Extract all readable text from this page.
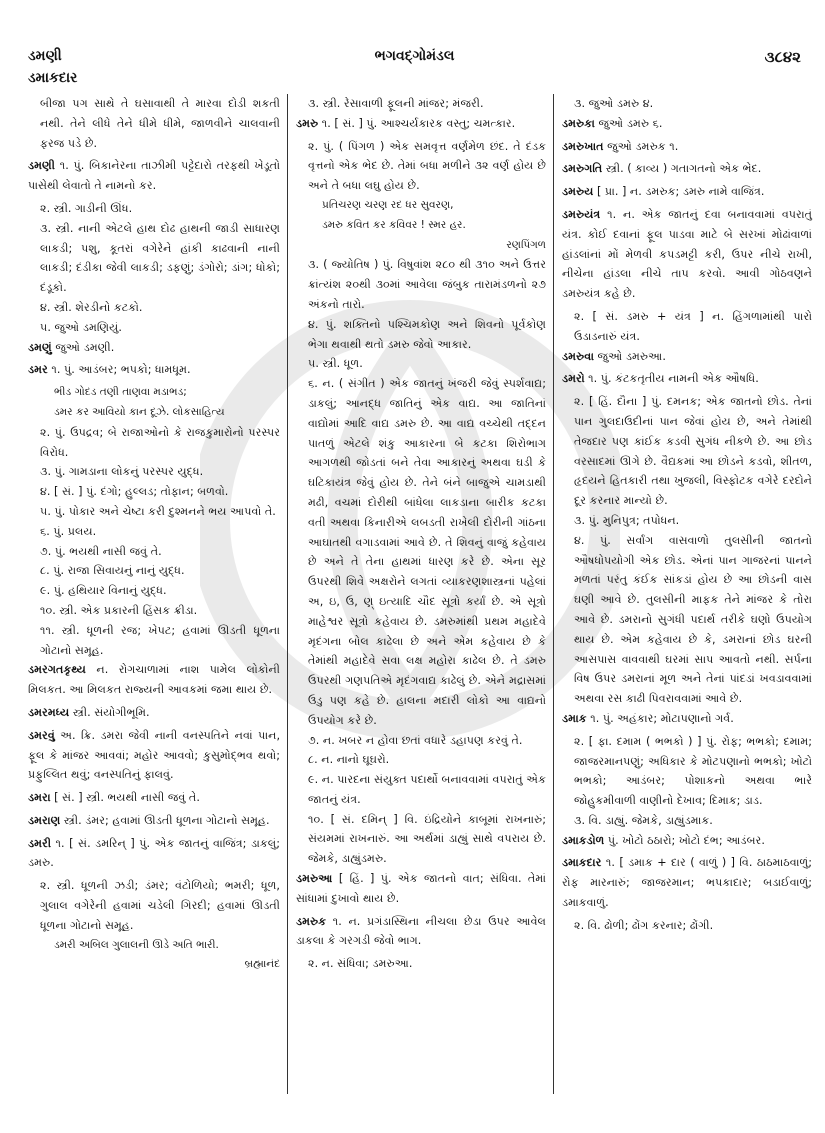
ડમણી	ભગવદ્ગોમંડલ	૩૮૪૨
ડમાકદાર

બીજા પગ સાથે તે ઘસાવાથી તે મારવા દોડી શકતી નથી. તેને લીધે તેને ધીમે ધીમે, જાળવીને ચાલવાની ફરજ પડે છે.

ડમણી ૧. પું. બિકાનેરના તાઝીમી પટ્ટેદારો તરફથી ખેડૂતો પાસેથી લેવાતો તે નામનો કર.

૨. સ્ત્રી. ગાડીની ઊંધ.

૩. સ્ત્રી. નાની એટલે હાથ દોઢ હાથની જાડી સાધારણ લાકડી; પશુ, કૂતરાં વગેરેને હાંકી કાઢવાની નાની લાકડી; દંડીકા જેવી લાકડી; ડફણું; ડંગોરો; ડાંગ; ધોકો; દંડૂકો.

૪. સ્ત્રી. શેરડીનો કટકો.

૫. જુઓ ડમણિયું.

ડમણું જુઓ ડમણી.

ડમર ૧. પું. આડંબર; ભપકો; ધામધૂમ.

ભીડ ગોદડ તણી તાણવા મડાભડ;

ડમર કર આવિયો કાન દૂઝે. લોકસાહિત્ય

૨. પું. ઉપદ્રવ; બે રાજાઓનો કે રાજકુમારોનો પરસ્પર વિરોધ.

૩. પું. ગામડાના લોકનું પરસ્પર યુદ્ધ.

૪. [ સં. ] પું. દંગો; હુલ્લડ; તોફાન; બળવો.

૫. પું. પોકાર અને ચેષ્ટા કરી દુશ્મનને ભય આપવો તે.

૬. પું. પ્રલય.

૭. પું. ભયથી નાસી જવું તે.

૮. પું. રાજા સિવાયનું નાનું યુદ્ધ.

૯. પું. હથિયાર વિનાનું યુદ્ધ.

૧૦. સ્ત્રી. એક પ્રકારની હિંસક ક્રીડા.

૧૧. સ્ત્રી. ધૂળની રજ; ખેપટ; હવામાં ઊડતી ધૂળના ગોટાનો સમૂહ.

ડમરગતકૃથ્ય ન. રોગચાળામાં નાશ પામેલ લોકોની મિલકત. આ મિલકત રાજ્યની આવકમાં જમા થાય છે.

ડમરમધ્ય સ્ત્રી. સંયોગીભૂમિ.

ડમરવું અ. ક્રિ. ડમરા જેવી નાની વનસ્પતિને નવાં પાન, ફૂલ કે માંજર આવવાં; મહોર આવવો; કુસુમોદ્ભવ થવો; પ્રફુલ્લિત થવું; વનસ્પતિનું ફાલવું.

ડમરા [ સં. ] સ્ત્રી. ભયથી નાસી જવું તે.

ડમરાણ સ્ત્રી. ડંમર; હવામાં ઊડતી ધૂળના ગોટાનો સમૂહ.

ડમરી ૧. [ સં. ડમરિન્ ] પું. એક જાતનું વાજિંત્ર; ડાકલું; ડમરુ.

૨. સ્ત્રી. ધૂળની ઝડી; ડંમર; વંટોળિયો; ભમરી; ધૂળ, ગુલાલ વગેરેની હવામાં ચડેલી ગિરદી; હવામાં ઊડતી ધૂળના ગોટાનો સમૂહ.

ડમરી અબિલ ગુલાલની ઊડે અતિ ભારી.

બ્રહ્માનંદ

૩. સ્ત્રી. રેસાવાળી ફૂલની માંજર; મંજરી.

ડમરુ ૧. [ સં. ] પું. આશ્ચર્યકારક વસ્તુ; ચમત્કાર.

૨. પું. ( પિંગળ ) એક સમવૃત્ત વર્ણમેળ છંદ. તે દંડક વૃત્તનો એક ભેદ છે. તેમાં બધા મળીને ૩૨ વર્ણ હોય છે અને તે બધા લઘુ હોય છે.

પ્રતિચરણ ચરણ રદ ધર સુવરણ,

ડમરુ કવિત કર કવિવર ! સ્મર હર.

રણપિંગળ

૩. ( જ્યોતિષ ) પું. વિષુવાંશ ૨૮૦ થી ૩૧૦ અને ઉત્તર ક્રાંત્યંશ ૨૦થી ૩૦માં આવેલા જંબુક તારામંડળનો ૨૭ અંકનો તારો.

૪. પું. શક્તિનો પશ્ચિમકોણ અને શિવનો પૂર્વકોણ ભેગા થવાથી થતો ડમરુ જેવો આકાર.

૫. સ્ત્રી. ધૂળ.

૬. ન. ( સંગીત ) એક જાતનું ખંજરી જેવું સ્પર્શવાદ્ય; ડાકલું; આનદ્ધ જાતિનું એક વાદ્ય. આ જાતિનાં વાદ્યોમાં આદિ વાદ્ય ડમરુ છે. આ વાદ્ય વચ્ચેથી તદ્દન પાતળું એટલે શંકુ આકારના બે કટકા શિરોભાગ આગળથી જોડતાં બને તેવા આકારનું અથવા ઘડી કે ઘટિકાયંત્ર જેવું હોય છે. તેને બંને બાજુએ ચામડાથી મઢી, વચમાં દોરીથી બાંધેલા લાકડાના બારીક કટકા વતી અથવા કિનારીએ લબડતી રાખેલી દોરીની ગાંઠના આઘાતથી વગાડવામાં આવે છે. તે શિવનું વાજું કહેવાય છે અને તે તેના હાથમાં ધારણ કરે છે. એના સૂર ઉપરથી શિવે અક્ષરોને લગતાં વ્યાકરણશાસ્ત્રનાં પહેલાં અ, ઇ, ઉ, ણ્ ઇત્યાદિ ચૌદ સૂત્રો કર્યાં છે. એ સૂત્રો માહેશ્વર સૂત્રો કહેવાય છે. ડમરુમાંથી પ્રથમ મહાદેવે મૃદંગના બોલ કાઢેલા છે અને એમ કહેવાય છે કે તેમાંથી મહાદેવે સવા લક્ષ મહોરા કાઢેલ છે. તે ડમરુ ઉપરથી ગણપતિએ મૃદંગવાદ્ય કાઢેલું છે. એને મદ્રાસમાં ઉડુ પણ કહે છે. હાલના મદારી લોકો આ વાદ્યનો ઉપયોગ કરે છે.

૭. ન. ખબર ન હોવા છતાં વધારે ડહાપણ કરવું તે.

૮. ન. નાનો ઘૂઘરો.

૯. ન. પારદના સંયુક્ત પદાર્થો બનાવવામાં વપરાતું એક જાતનું યંત્ર.

૧૦. [ સં. દમિન્ ] વિ. ઇંદ્રિયોને કાબૂમાં રાખનારું; સંયમમાં રાખનારું. આ અર્થમાં ડાહ્યું સાથે વપરાય છે. જેમકે, ડાહ્યુંડમરુ.

ડમરુઆ [ હિં. ] પું. એક જાતનો વાત; સંધિવા. તેમાં સાંધામાં દુખાવો થાય છે.

ડમરુક ૧. ન. પ્રગંડાસ્થિના નીચલા છેડા ઉપર આવેલ ડાકલા કે ગરગડી જેવો ભાગ.

૨. ન. સંધિવા; ડમરુઆ.

૩. જુઓ ડમરુ ૪.

ડમરુકા જુઓ ડમરુ ૬.

ડમરુખાત જુઓ ડમરુક ૧.

ડમરુગતિ સ્ત્રી. ( કાવ્ય ) ગતાગતનો એક ભેદ.

ડમરુય [ પ્રા. ] ન. ડમરુક; ડમરુ નામે વાજિંત્ર.

ડમરુયંત્ર ૧. ન. એક જાતનું દવા બનાવવામાં વપરાતું યંત્ર. કોઈ દવાનાં ફૂલ પાડવા માટે બે સરખાં મોઢાંવાળાં હાંડલાંનાં મોં મેળવી કપડમટ્ટી કરી, ઉપર નીચે રાખી, નીચેના હાંડલા નીચે તાપ કરવો. આવી ગોઠવણને ડમરુયંત્ર કહે છે.

૨. [ સં. ડમરુ + યંત્ર ] ન. હિંગળામાંથી પારો ઉડાડનારું યંત્ર.

ડમરુવા જુઓ ડમરુઆ.

ડમરો ૧. પું. કંટકતૃતીય નામની એક ઔષધિ.

૨. [ હિં. દૌના ] પું. દમનક; એક જાતનો છોડ. તેનાં પાન ગુલદાઉદીનાં પાન જેવાં હોય છે, અને તેમાંથી તેજદાર પણ કાંઈક કડવી સુગંધ નીકળે છે. આ છોડ વરસાદમાં ઊગે છે. વૈદ્યકમાં આ છોડને કડવો, શીતળ, હૃદયને હિતકારી તથા ખુજલી, વિસ્ફોટક વગેરે દરદોને દૂર કરનાર માન્યો છે.

૩. પું. મુનિપુત્ર; તપોધન.

૪. પું. સર્વાંગ વાસવાળો તુલસીની જાતનો ઔષધોપયોગી એક છોડ. એનાં પાન ગાજરનાં પાનને મળતાં પરંતુ કંઈક સાંકડાં હોય છે આ છોડની વાસ ઘણી આવે છે. તુલસીની માફક તેને માંજર કે તોરા આવે છે. ડમરાનો સુગંધી પદાર્થ તરીકે ઘણો ઉપયોગ થાય છે. એમ કહેવાય છે કે, ડમરાનાં છોડ ઘરની આસપાસ વાવવાથી ઘરમાં સાપ આવતો નથી. સર્પના વિષ ઉપર ડમરાનાં મૂળ અને તેનાં પાંદડાં ખવડાવવામાં અથવા રસ કાઢી પિવરાવવામાં આવે છે.

ડમાક ૧. પું. અહંકાર; મોટાપણાનો ગર્વ.

૨. [ ફા. દમામ ( ભભકો ) ] પું. રોફ; ભભકો; દમામ; જાજરમાનપણું; અધિકાર કે મોટપણાનો ભભકો; ખોટો ભભકો; આડંબર; પોશાકનો અથવા ભારે જોહુકમીવાળી વાણીનો દેખાવ; દિમાક; ડાડ.

૩. વિ. ડાહ્યું. જેમકે, ડાહ્યુંડમાક.

ડમાકડોળ પું. ખોટો ઠઠારો; ખોટો દંભ; આડંબર.

ડમાકદાર ૧. [ ડમાક + દાર ( વાળું ) ] વિ. ઠાઠમાઠવાળું; રોફ મારનારું; જાજરમાન; ભપકાદાર; બડાઈવાળું; ડમાકવાળું.

૨. વિ. ઢોળી; ઢોંગ કરનાર; ઢોંગી.
